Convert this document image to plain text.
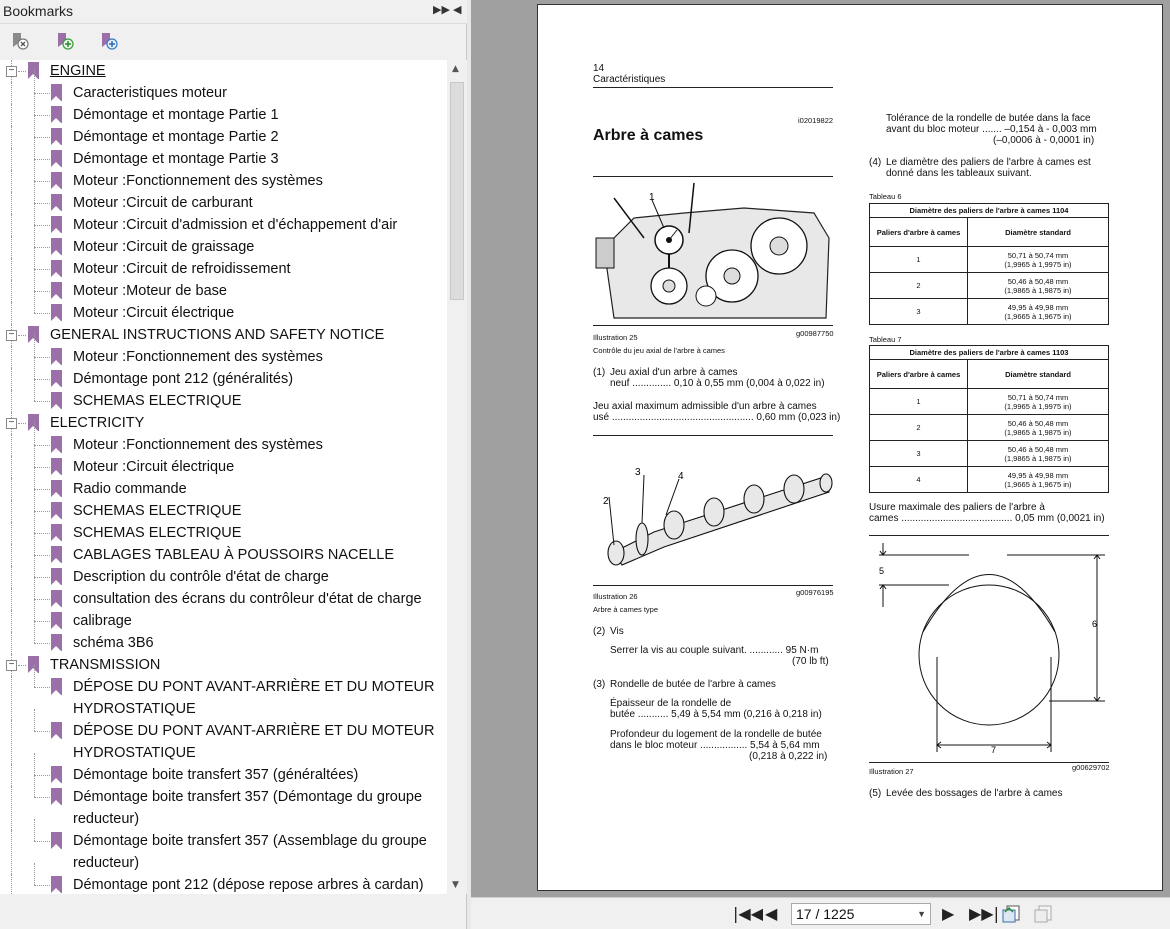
Bookmarks	▶▶ ◀
− ENGINE
Caracteristiques moteur
Démontage et montage Partie 1
Démontage et montage Partie 2
Démontage et montage Partie 3
Moteur :Fonctionnement des systèmes
Moteur :Circuit de carburant
Moteur :Circuit d'admission et d'échappement d'air
Moteur :Circuit de graissage
Moteur :Circuit de refroidissement
Moteur :Moteur de base
Moteur :Circuit électrique
− GENERAL INSTRUCTIONS AND SAFETY NOTICE
Moteur :Fonctionnement des systèmes
Démontage pont 212 (généralités)
SCHEMAS ELECTRIQUE
− ELECTRICITY
Moteur :Fonctionnement des systèmes
Moteur :Circuit électrique
Radio commande
SCHEMAS ELECTRIQUE
SCHEMAS ELECTRIQUE
CABLAGES TABLEAU À POUSSOIRS NACELLE
Description du contrôle d'état de charge
consultation des écrans du contrôleur d'état de charge
calibrage
schéma 3B6
− TRANSMISSION
DÉPOSE DU PONT AVANT-ARRIÈRE ET DU MOTEUR HYDROSTATIQUE
DÉPOSE DU PONT AVANT-ARRIÈRE ET DU MOTEUR HYDROSTATIQUE
Démontage boite transfert 357 (généraltées)
Démontage boite transfert 357 (Démontage du groupe reducteur)
Démontage boite transfert 357 (Assemblage du groupe reducteur)
Démontage pont 212 (dépose repose arbres à cardan)
▲
▼
14
Caractéristiques
i02019822
Arbre à cames
1
Illustration 25	g00987750
Contrôle du jeu axial de l'arbre à cames
(1) Jeu axial d'un arbre à cames
neuf .............. 0,10 à 0,55 mm (0,004 à 0,022 in)
Jeu axial maximum admissible d'un arbre à cames
usé ................................................... 0,60 mm (0,023 in)
2
3	4
Illustration 26	g00976195
Arbre à cames type
(2) Vis
Serrer la vis au couple suivant. ............ 95 N·m
(70 lb ft)
(3) Rondelle de butée de l'arbre à cames
Épaisseur de la rondelle de
butée ........... 5,49 à 5,54 mm (0,216 à 0,218 in)
Profondeur du logement de la rondelle de butée
dans le bloc moteur ................. 5,54 à 5,64 mm
(0,218 à 0,222 in)
Tolérance de la rondelle de butée dans la face
avant du bloc moteur ....... –0,154 à - 0,003 mm
(–0,0006 à - 0,0001 in)
(4) Le diamètre des paliers de l'arbre à cames est
donné dans les tableaux suivant.
Tableau 6
Diamètre des paliers de l'arbre à cames 1104	
Paliers d'arbre à cames	Diamètre standard
1	50,71 à 50,74 mm
(1,9965 à 1,9975 in)

2	50,46 à 50,48 mm
(1,9865 à 1,9875 in)

3	49,95 à 49,98 mm
(1,9665 à 1,9675 in)
Tableau 7
Diamètre des paliers de l'arbre à cames 1103	
Paliers d'arbre à cames	Diamètre standard
1	50,71 à 50,74 mm
(1,9965 à 1,9975 in)

2	50,46 à 50,48 mm
(1,9865 à 1,9875 in)

3	50,46 à 50,48 mm
(1,9865 à 1,9875 in)

4	49,95 à 49,98 mm
(1,9665 à 1,9675 in)
Usure maximale des paliers de l'arbre à
cames ........................................ 0,05 mm (0,0021 in)
5
6
7
Illustration 27	g00629702
(5) Levée des bossages de l'arbre à cames
|◀◀ ◀	17 / 1225	▼ ▶ ▶▶|
